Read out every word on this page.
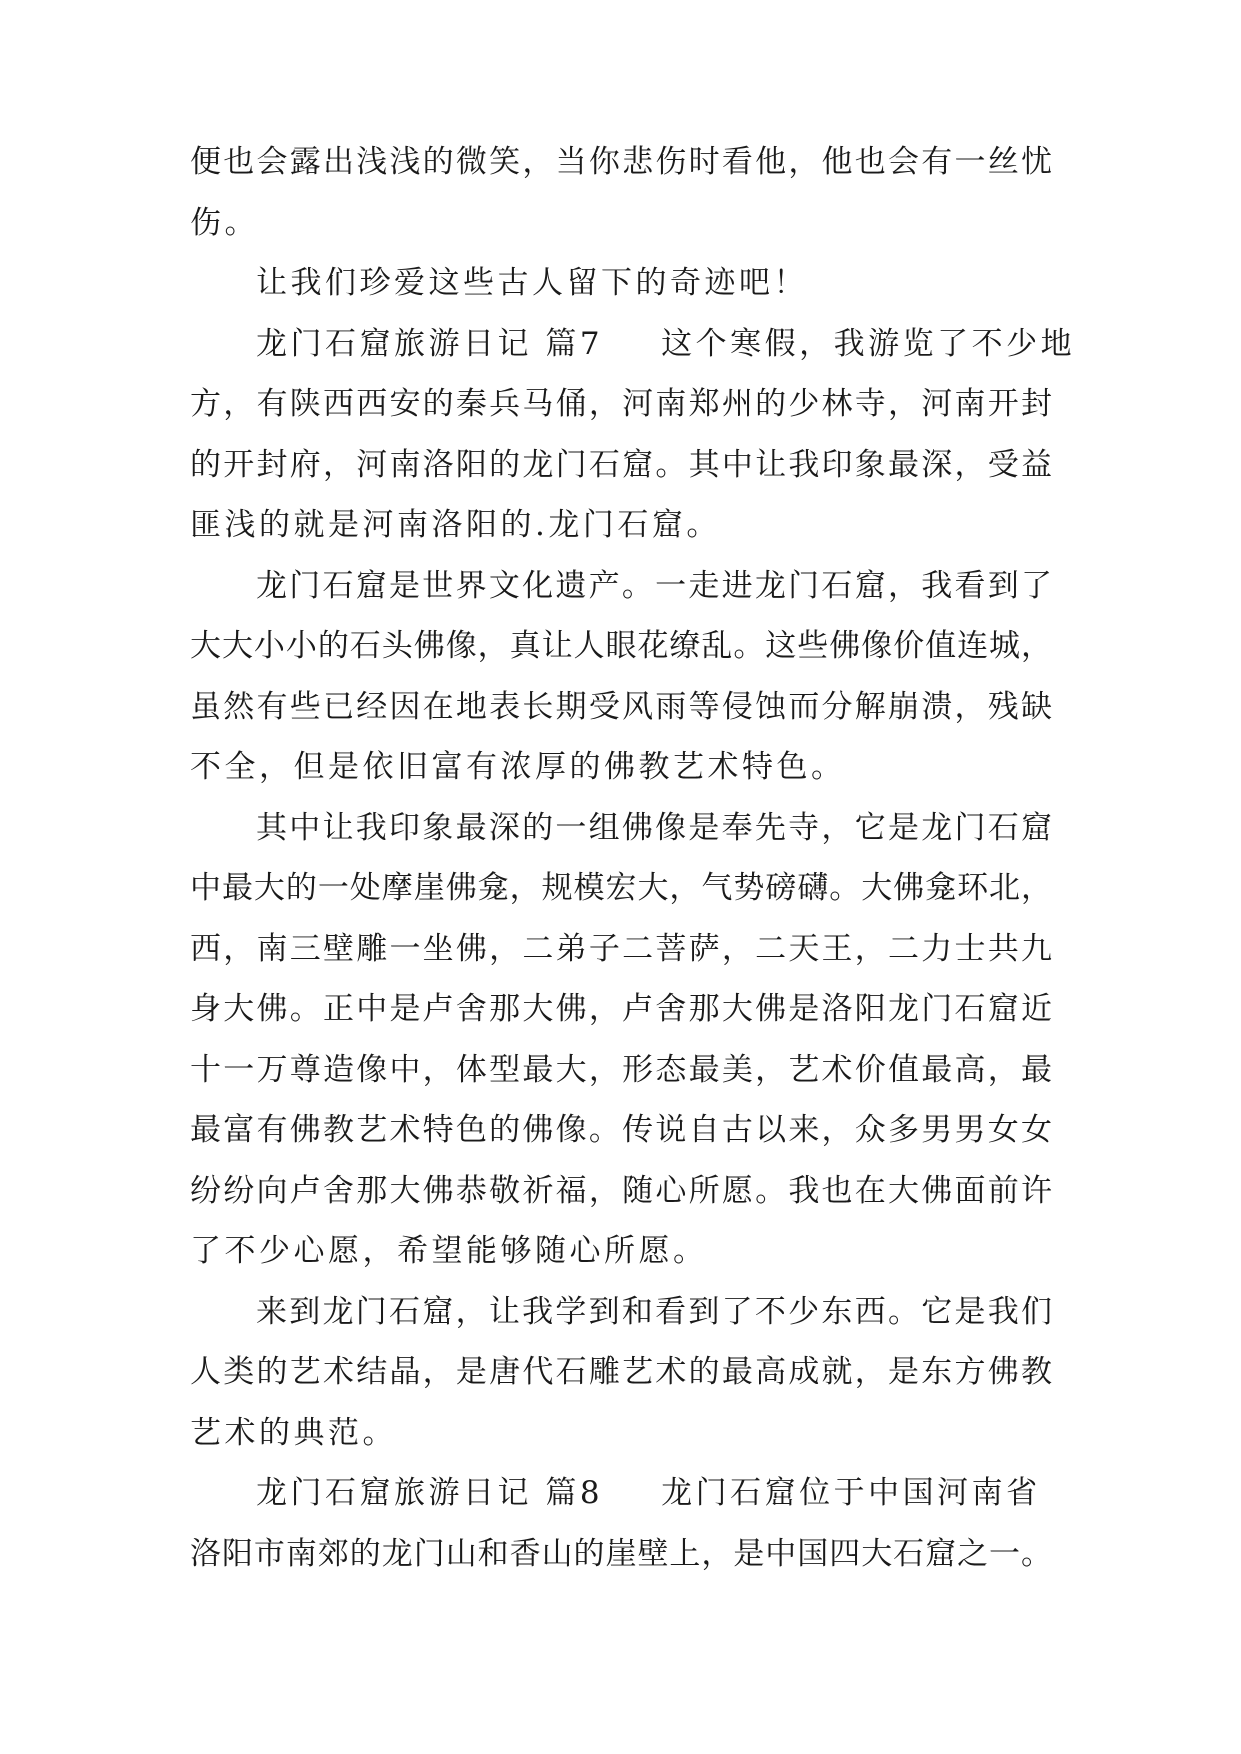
便也会露出浅浅的微笑，当你悲伤时看他，他也会有一丝忧
伤。
让我们珍爱这些古人留下的奇迹吧！
龙门石窟旅游日记 篇7 这个寒假，我游览了不少地
方，有陕西西安的秦兵马俑，河南郑州的少林寺，河南开封
的开封府，河南洛阳的龙门石窟。其中让我印象最深，受益
匪浅的就是河南洛阳的.龙门石窟。
龙门石窟是世界文化遗产。一走进龙门石窟，我看到了
大大小小的石头佛像，真让人眼花缭乱。这些佛像价值连城，
虽然有些已经因在地表长期受风雨等侵蚀而分解崩溃，残缺
不全，但是依旧富有浓厚的佛教艺术特色。
其中让我印象最深的一组佛像是奉先寺，它是龙门石窟
中最大的一处摩崖佛龛，规模宏大，气势磅礴。大佛龛环北，
西，南三壁雕一坐佛，二弟子二菩萨，二天王，二力士共九
身大佛。正中是卢舍那大佛，卢舍那大佛是洛阳龙门石窟近
十一万尊造像中，体型最大，形态最美，艺术价值最高，最
最富有佛教艺术特色的佛像。传说自古以来，众多男男女女
纷纷向卢舍那大佛恭敬祈福，随心所愿。我也在大佛面前许
了不少心愿，希望能够随心所愿。
来到龙门石窟，让我学到和看到了不少东西。它是我们
人类的艺术结晶，是唐代石雕艺术的最高成就，是东方佛教
艺术的典范。
龙门石窟旅游日记 篇8 龙门石窟位于中国河南省
洛阳市南郊的龙门山和香山的崖壁上，是中国四大石窟之一。
